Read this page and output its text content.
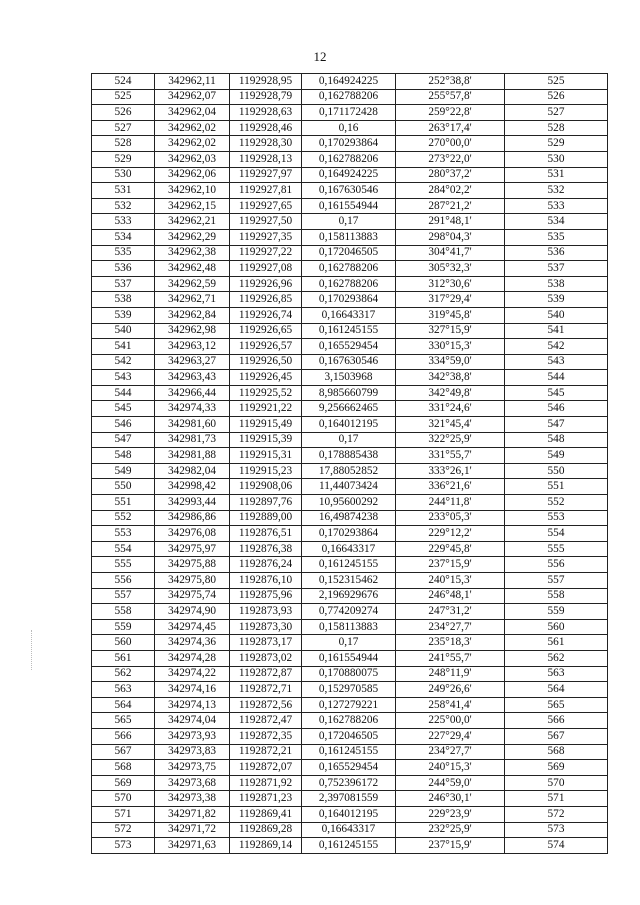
12
524	342962,11	1192928,95	0,164924225	252°38,8'	525
525	342962,07	1192928,79	0,162788206	255°57,8'	526
526	342962,04	1192928,63	0,171172428	259°22,8'	527
527	342962,02	1192928,46	0,16	263°17,4'	528
528	342962,02	1192928,30	0,170293864	270°00,0'	529
529	342962,03	1192928,13	0,162788206	273°22,0'	530
530	342962,06	1192927,97	0,164924225	280°37,2'	531
531	342962,10	1192927,81	0,167630546	284°02,2'	532
532	342962,15	1192927,65	0,161554944	287°21,2'	533
533	342962,21	1192927,50	0,17	291°48,1'	534
534	342962,29	1192927,35	0,158113883	298°04,3'	535
535	342962,38	1192927,22	0,172046505	304°41,7'	536
536	342962,48	1192927,08	0,162788206	305°32,3'	537
537	342962,59	1192926,96	0,162788206	312°30,6'	538
538	342962,71	1192926,85	0,170293864	317°29,4'	539
539	342962,84	1192926,74	0,16643317	319°45,8'	540
540	342962,98	1192926,65	0,161245155	327°15,9'	541
541	342963,12	1192926,57	0,165529454	330°15,3'	542
542	342963,27	1192926,50	0,167630546	334°59,0'	543
543	342963,43	1192926,45	3,1503968	342°38,8'	544
544	342966,44	1192925,52	8,985660799	342°49,8'	545
545	342974,33	1192921,22	9,256662465	331°24,6'	546
546	342981,60	1192915,49	0,164012195	321°45,4'	547
547	342981,73	1192915,39	0,17	322°25,9'	548
548	342981,88	1192915,31	0,178885438	331°55,7'	549
549	342982,04	1192915,23	17,88052852	333°26,1'	550
550	342998,42	1192908,06	11,44073424	336°21,6'	551
551	342993,44	1192897,76	10,95600292	244°11,8'	552
552	342986,86	1192889,00	16,49874238	233°05,3'	553
553	342976,08	1192876,51	0,170293864	229°12,2'	554
554	342975,97	1192876,38	0,16643317	229°45,8'	555
555	342975,88	1192876,24	0,161245155	237°15,9'	556
556	342975,80	1192876,10	0,152315462	240°15,3'	557
557	342975,74	1192875,96	2,196929676	246°48,1'	558
558	342974,90	1192873,93	0,774209274	247°31,2'	559
559	342974,45	1192873,30	0,158113883	234°27,7'	560
560	342974,36	1192873,17	0,17	235°18,3'	561
561	342974,28	1192873,02	0,161554944	241°55,7'	562
562	342974,22	1192872,87	0,170880075	248°11,9'	563
563	342974,16	1192872,71	0,152970585	249°26,6'	564
564	342974,13	1192872,56	0,127279221	258°41,4'	565
565	342974,04	1192872,47	0,162788206	225°00,0'	566
566	342973,93	1192872,35	0,172046505	227°29,4'	567
567	342973,83	1192872,21	0,161245155	234°27,7'	568
568	342973,75	1192872,07	0,165529454	240°15,3'	569
569	342973,68	1192871,92	0,752396172	244°59,0'	570
570	342973,38	1192871,23	2,397081559	246°30,1'	571
571	342971,82	1192869,41	0,164012195	229°23,9'	572
572	342971,72	1192869,28	0,16643317	232°25,9'	573
573	342971,63	1192869,14	0,161245155	237°15,9'	574
